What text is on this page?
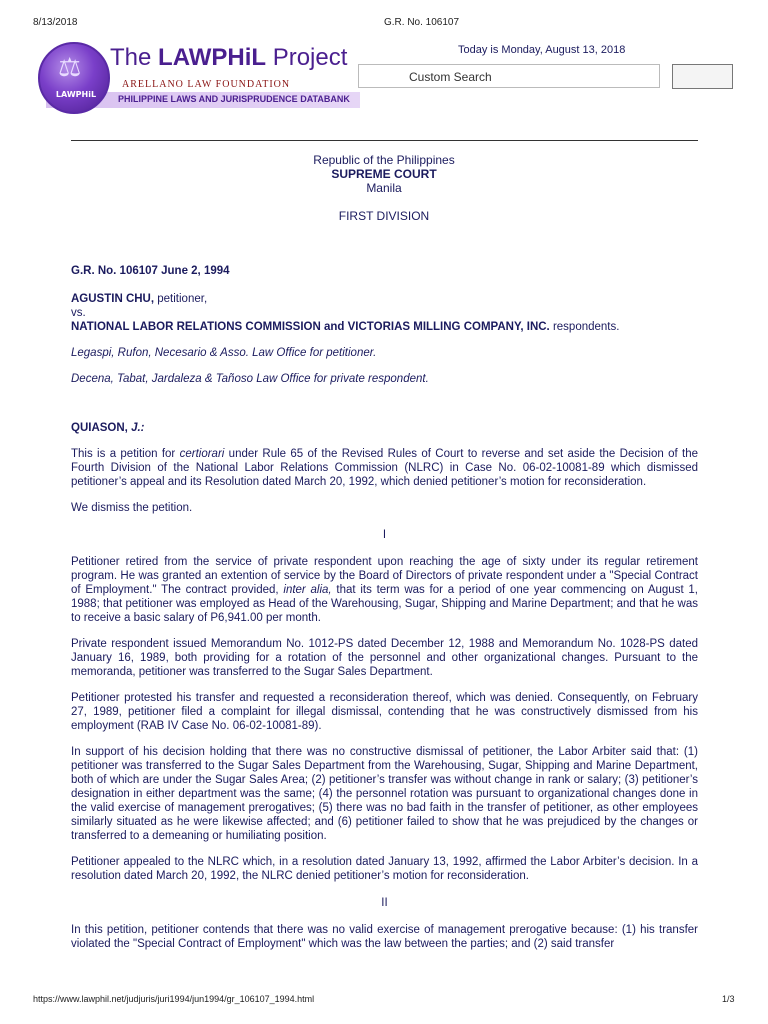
8/13/2018	G.R. No. 106107
PHILIPPINE LAWS AND JURISPRUDENCE DATABANK
⚖
LAWPHiL
The LAWPHiL Project
ARELLANO LAW FOUNDATION
Today is Monday, August 13, 2018
Custom Search
Republic of the Philippines
SUPREME COURT
Manila
FIRST DIVISION

G.R. No. 106107 June 2, 1994

AGUSTIN CHU, petitioner,

vs.

NATIONAL LABOR RELATIONS COMMISSION and VICTORIAS MILLING COMPANY, INC. respondents.

Legaspi, Rufon, Necesario & Asso. Law Office for petitioner.

Decena, Tabat, Jardaleza & Tañoso Law Office for private respondent.

QUIASON, J.:

This is a petition for certiorari under Rule 65 of the Revised Rules of Court to reverse and set aside the Decision of the Fourth Division of the National Labor Relations Commission (NLRC) in Case No. 06-02-10081-89 which dismissed petitioner’s appeal and its Resolution dated March 20, 1992, which denied petitioner’s motion for reconsideration.

We dismiss the petition.

I

Petitioner retired from the service of private respondent upon reaching the age of sixty under its regular retirement program. He was granted an extention of service by the Board of Directors of private respondent under a "Special Contract of Employment." The contract provided, inter alia, that its term was for a period of one year commencing on August 1, 1988; that petitioner was employed as Head of the Warehousing, Sugar, Shipping and Marine Department; and that he was to receive a basic salary of P6,941.00 per month.

Private respondent issued Memorandum No. 1012-PS dated December 12, 1988 and Memorandum No. 1028-PS dated January 16, 1989, both providing for a rotation of the personnel and other organizational changes. Pursuant to the memoranda, petitioner was transferred to the Sugar Sales Department.

Petitioner protested his transfer and requested a reconsideration thereof, which was denied. Consequently, on February 27, 1989, petitioner filed a complaint for illegal dismissal, contending that he was constructively dismissed from his employment (RAB IV Case No. 06-02-10081-89).

In support of his decision holding that there was no constructive dismissal of petitioner, the Labor Arbiter said that: (1) petitioner was transferred to the Sugar Sales Department from the Warehousing, Sugar, Shipping and Marine Department, both of which are under the Sugar Sales Area; (2) petitioner’s transfer was without change in rank or salary; (3) petitioner’s designation in either department was the same; (4) the personnel rotation was pursuant to organizational changes done in the valid exercise of management prerogatives; (5) there was no bad faith in the transfer of petitioner, as other employees similarly situated as he were likewise affected; and (6) petitioner failed to show that he was prejudiced by the changes or transferred to a demeaning or humiliating position.

Petitioner appealed to the NLRC which, in a resolution dated January 13, 1992, affirmed the Labor Arbiter’s decision. In a resolution dated March 20, 1992, the NLRC denied petitioner’s motion for reconsideration.

II

In this petition, petitioner contends that there was no valid exercise of management prerogative because: (1) his transfer violated the "Special Contract of Employment" which was the law between the parties; and (2) said transfer

https://www.lawphil.net/judjuris/juri1994/jun1994/gr_106107_1994.html	1/3
